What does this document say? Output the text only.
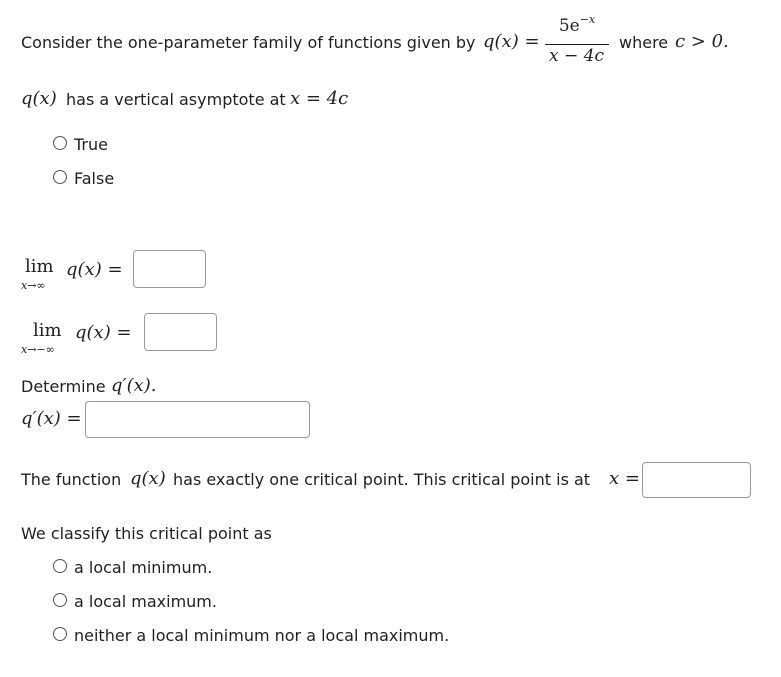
Consider the one-parameter family of functions given by q(x) =
$5e^{-x}$
x − 4c
where c > 0.
q(x) has a vertical asymptote at x = 4c
True
False
lim
x→∞
q(x) =
lim
x→−∞
q(x) =
Determine q′(x).
q′(x) =
The function q(x) has exactly one critical point. This critical point is at x =
We classify this critical point as
a local minimum.
a local maximum.
neither a local minimum nor a local maximum.
